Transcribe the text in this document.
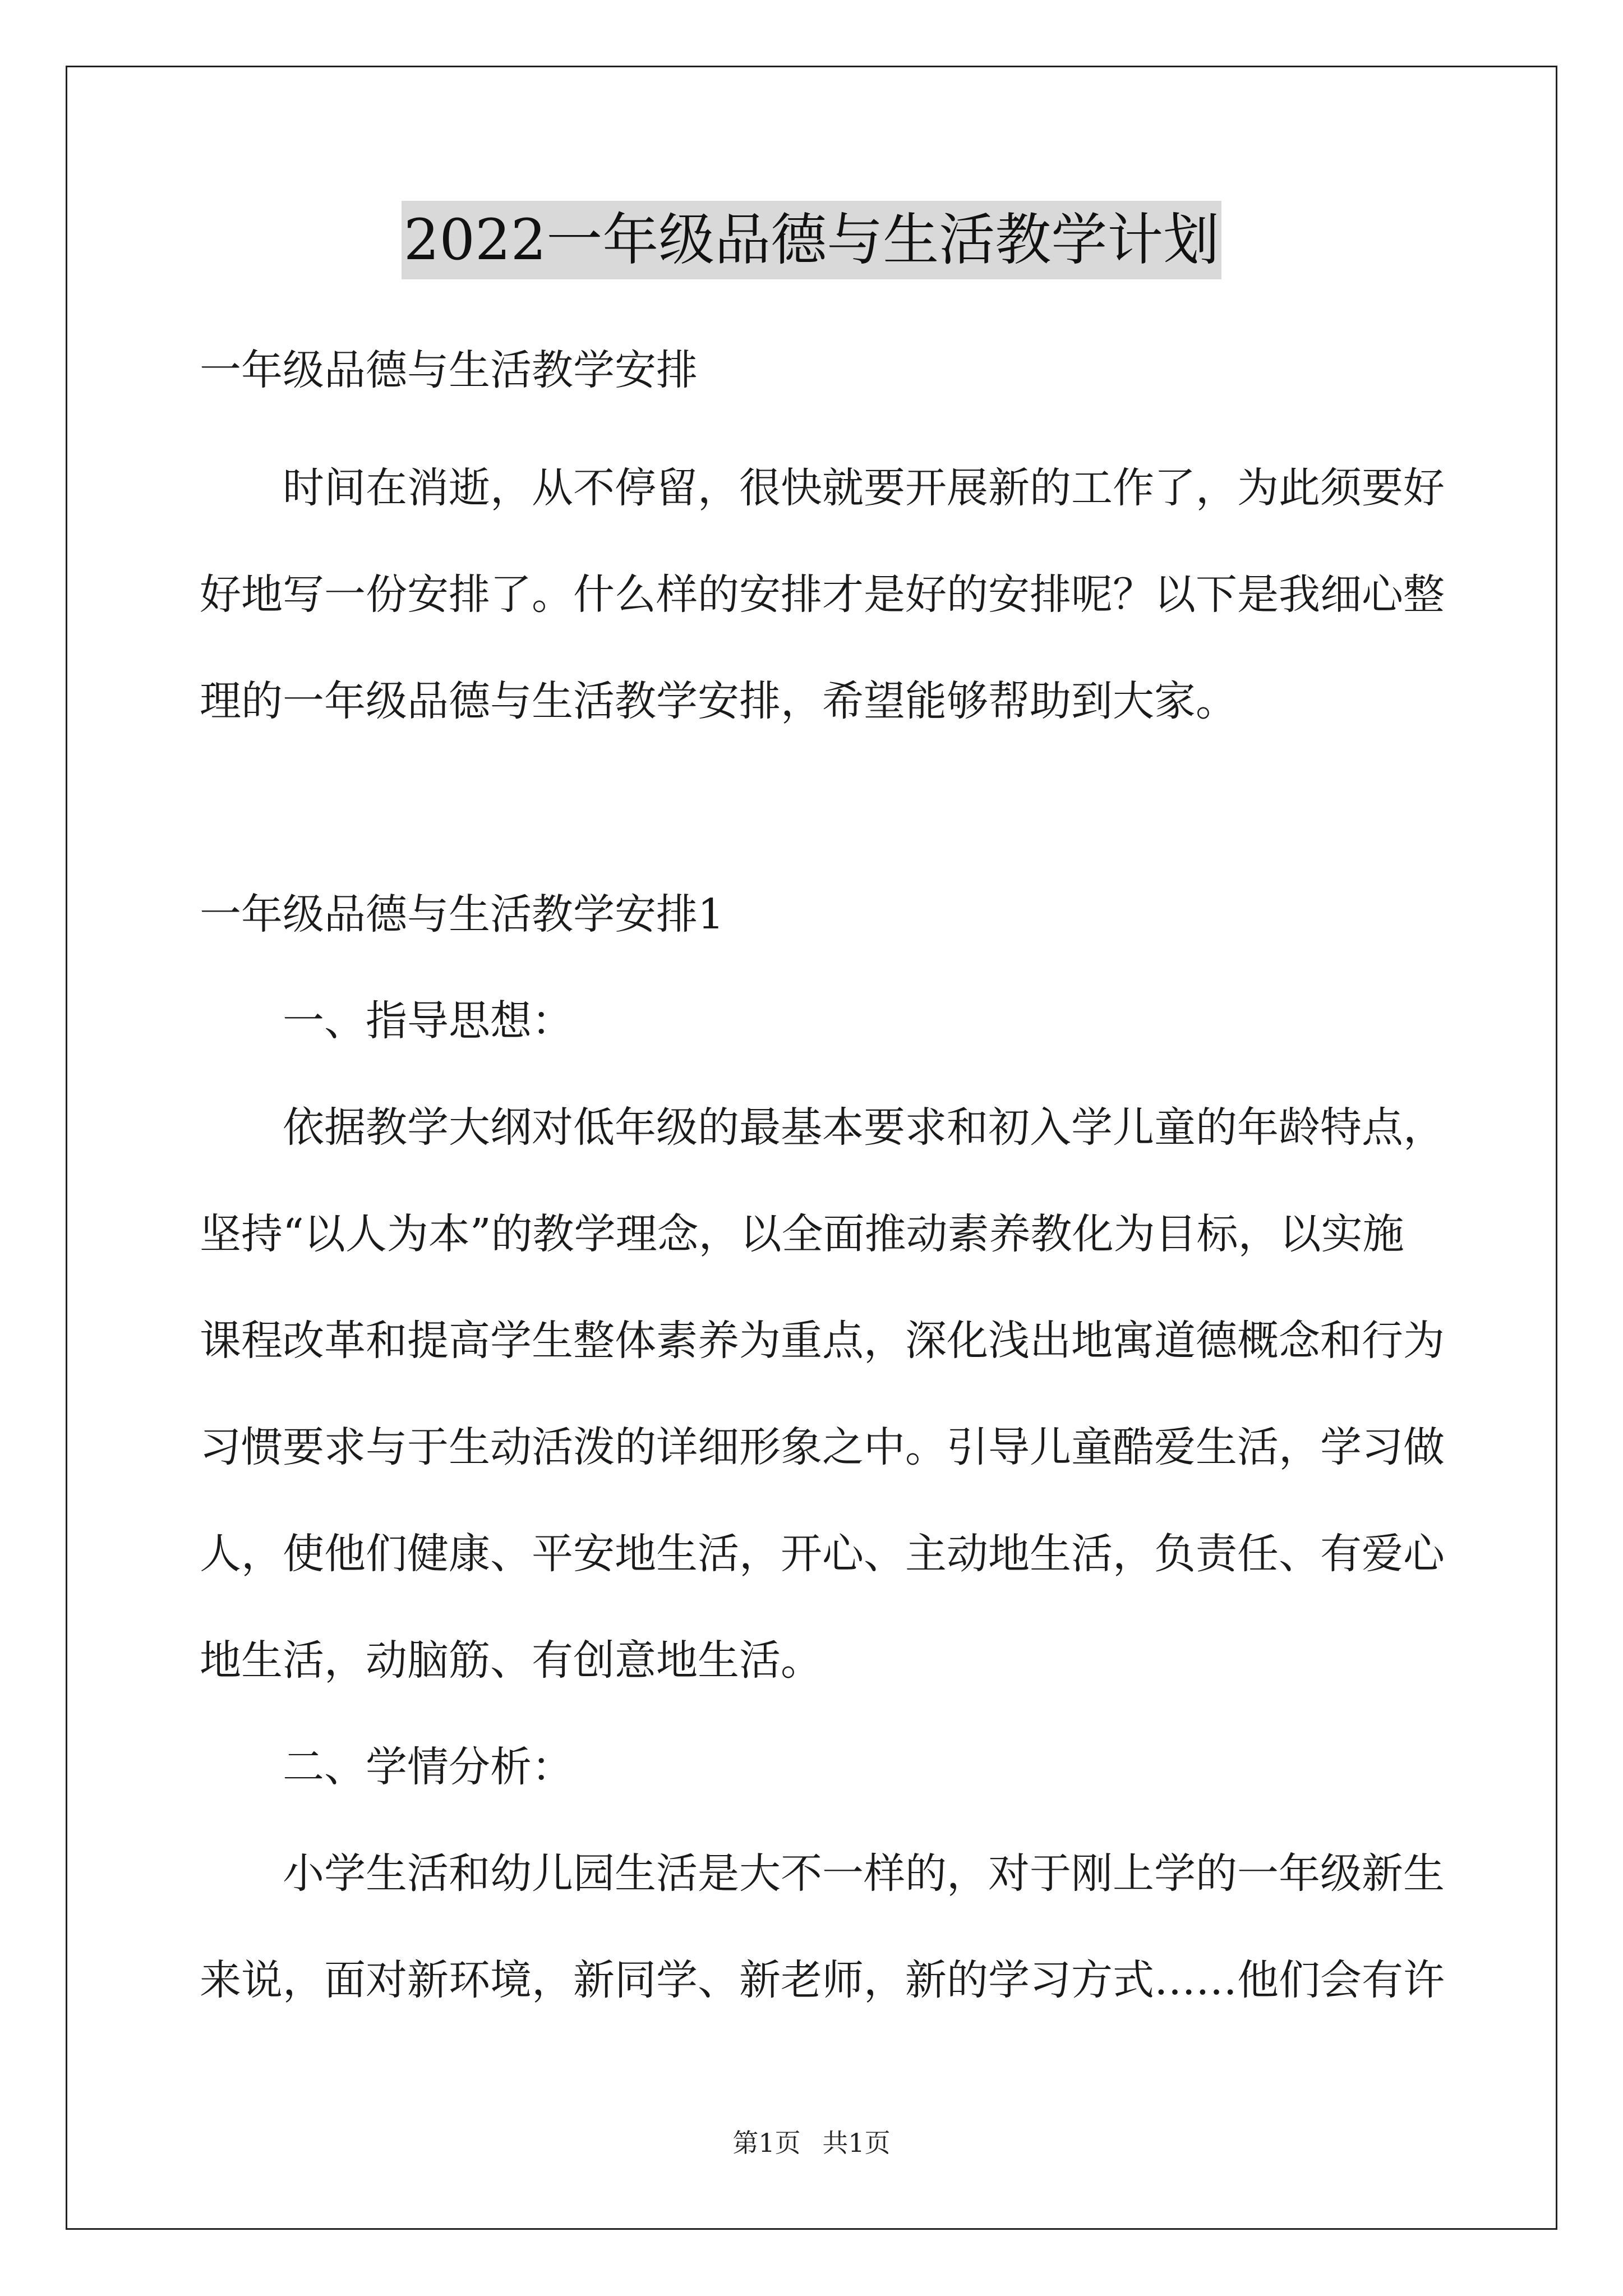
2022一年级品德与生活教学计划
一年级品德与生活教学安排
时间在消逝，从不停留，很快就要开展新的工作了，为此须要好
好地写一份安排了。什么样的安排才是好的安排呢？以下是我细心整
理的一年级品德与生活教学安排，希望能够帮助到大家。
一年级品德与生活教学安排1
一、指导思想：
依据教学大纲对低年级的最基本要求和初入学儿童的年龄特点，
坚持“以人为本”的教学理念，以全面推动素养教化为目标，以实施
课程改革和提高学生整体素养为重点，深化浅出地寓道德概念和行为
习惯要求与于生动活泼的详细形象之中。引导儿童酷爱生活，学习做
人，使他们健康、平安地生活，开心、主动地生活，负责任、有爱心
地生活，动脑筋、有创意地生活。
二、学情分析：
小学生活和幼儿园生活是大不一样的，对于刚上学的一年级新生
来说，面对新环境，新同学、新老师，新的学习方式……他们会有许
第1页 共1页
